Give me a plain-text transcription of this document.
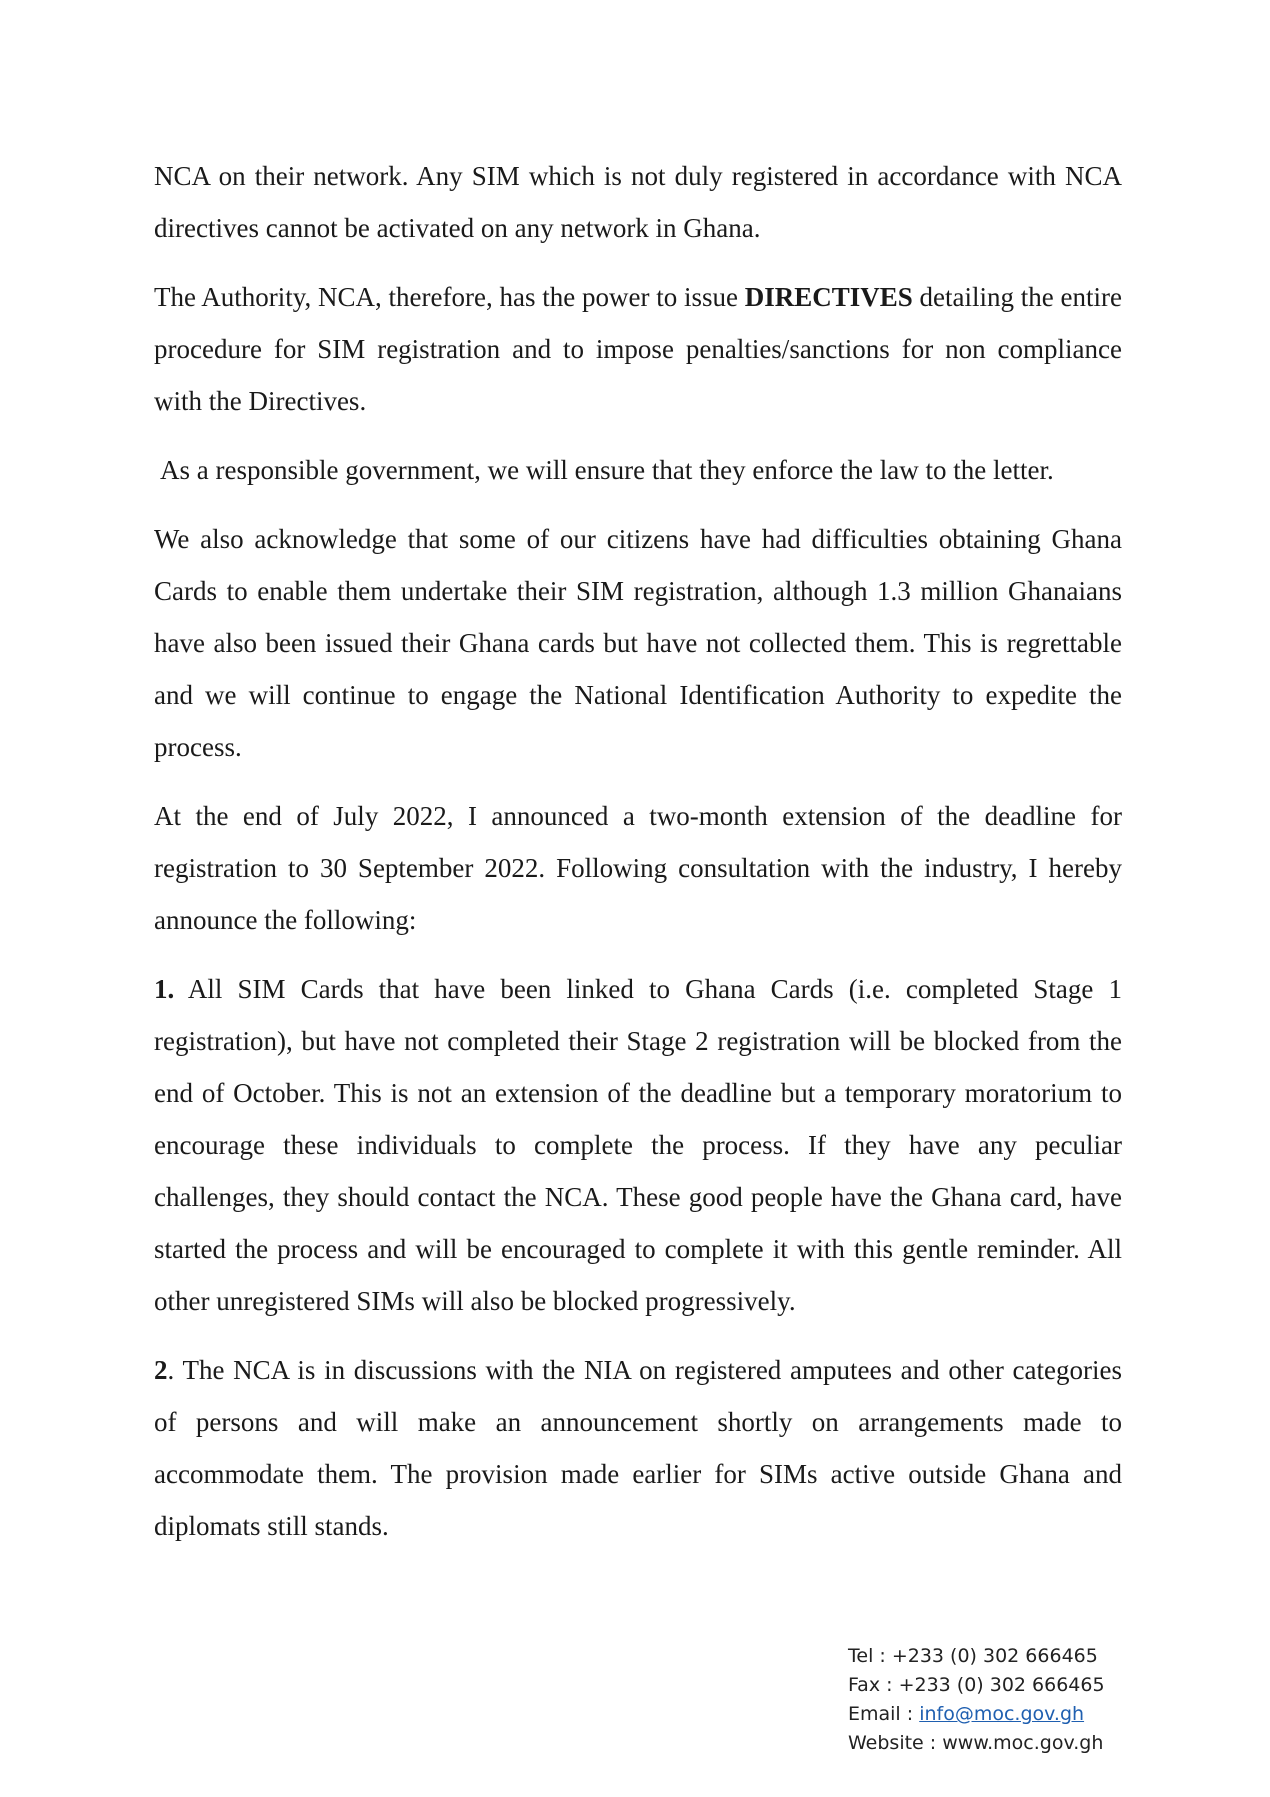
NCA on their network. Any SIM which is not duly registered in accordance with NCA directives cannot be activated on any network in Ghana.

The Authority, NCA, therefore, has the power to issue DIRECTIVES detailing the entire procedure for SIM registration and to impose penalties/sanctions for non compliance with the Directives.

As a responsible government, we will ensure that they enforce the law to the letter.

We also acknowledge that some of our citizens have had difficulties obtaining Ghana Cards to enable them undertake their SIM registration, although 1.3 million Ghanaians have also been issued their Ghana cards but have not collected them. This is regrettable and we will continue to engage the National Identification Authority to expedite the process.

At the end of July 2022, I announced a two-month extension of the deadline for registration to 30 September 2022. Following consultation with the industry, I hereby announce the following:

1. All SIM Cards that have been linked to Ghana Cards (i.e. completed Stage 1 registration), but have not completed their Stage 2 registration will be blocked from the end of October. This is not an extension of the deadline but a temporary moratorium to encourage these individuals to complete the process. If they have any peculiar challenges, they should contact the NCA. These good people have the Ghana card, have started the process and will be encouraged to complete it with this gentle reminder. All other unregistered SIMs will also be blocked progressively.

2. The NCA is in discussions with the NIA on registered amputees and other categories of persons and will make an announcement shortly on arrangements made to accommodate them. The provision made earlier for SIMs active outside Ghana and diplomats still stands.

Tel : +233 (0) 302 666465
Fax : +233 (0) 302 666465
Email : info@moc.gov.gh
Website : www.moc.gov.gh
